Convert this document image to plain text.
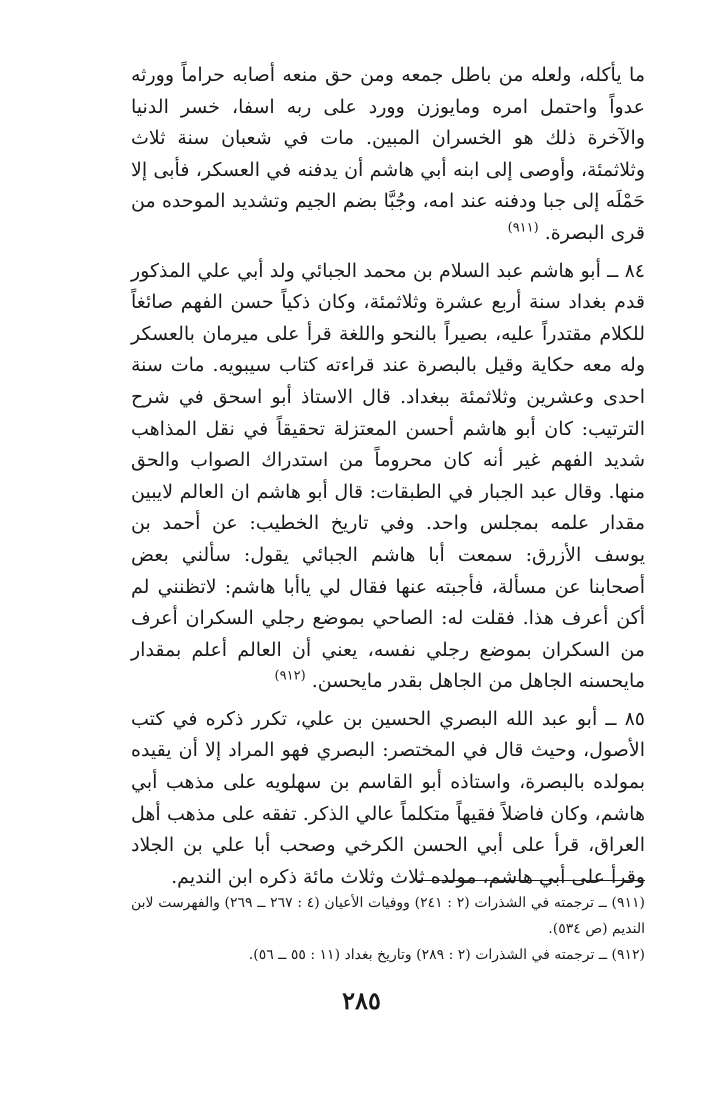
ما يأكله، ولعله من باطل جمعه ومن حق منعه أصابه حراماً وورثه عدواً واحتمل امره ومايوزن وورد على ربه اسفا، خسر الدنيا والآخرة ذلك هو الخسران المبين. مات في شعبان سنة ثلاث وثلاثمئة، وأوصى إلى ابنه أبي هاشم أن يدفنه في العسكر، فأبى إلا حَمْلَه إلى جبا ودفنه عند امه، وجُبَّا بضم الجيم وتشديد الموحده من قرى البصرة. $^{(٩١١)}$

٨٤ ــ أبو هاشم عبد السلام بن محمد الجبائي ولد أبي علي المذكور قدم بغداد سنة أربع عشرة وثلاثمئة، وكان ذكياً حسن الفهم صائغاً للكلام مقتدراً عليه، بصيراً بالنحو واللغة قرأ على ميرمان بالعسكر وله معه حكاية وقيل بالبصرة عند قراءته كتاب سيبويه. مات سنة احدى وعشرين وثلاثمئة ببغداد. قال الاستاذ أبو اسحق في شرح الترتيب: كان أبو هاشم أحسن المعتزلة تحقيقاً في نقل المذاهب شديد الفهم غير أنه كان محروماً من استدراك الصواب والحق منها. وقال عبد الجبار في الطبقات: قال أبو هاشم ان العالم لايبين مقدار علمه بمجلس واحد. وفي تاريخ الخطيب: عن أحمد بن يوسف الأزرق: سمعت أبا هاشم الجبائي يقول: سألني بعض أصحابنا عن مسألة، فأجبته عنها فقال لي ياأبا هاشم: لاتظنني لم أكن أعرف هذا. فقلت له: الصاحي بموضع رجلي السكران أعرف من السكران بموضع رجلي نفسه، يعني أن العالم أعلم بمقدار مايحسنه الجاهل من الجاهل بقدر مايحسن. $^{(٩١٢)}$

٨٥ ــ أبو عبد الله البصري الحسين بن علي، تكرر ذكره في كتب الأصول، وحيث قال في المختصر: البصري فهو المراد إلا أن يقيده بمولده بالبصرة، واستاذه أبو القاسم بن سهلويه على مذهب أبي هاشم، وكان فاضلاً فقيهاً متكلماً عالي الذكر. تفقه على مذهب أهل العراق، قرأ على أبي الحسن الكرخي وصحب أبا علي بن الجلاد وقرأ على أبي هاشم، مولده ثلاث وثلاث مائة ذكره ابن النديم.

(٩١١) ــ ترجمته في الشذرات (٢ : ٢٤١) ووفيات الأعيان (٤ : ٢٦٧ ــ ٢٦٩) والفهرست لابن النديم (ص ٥٣٤).

(٩١٢) ــ ترجمته في الشذرات (٢ : ٢٨٩) وتاريخ بغداد (١١ : ٥٥ ــ ٥٦).

٢٨٥
